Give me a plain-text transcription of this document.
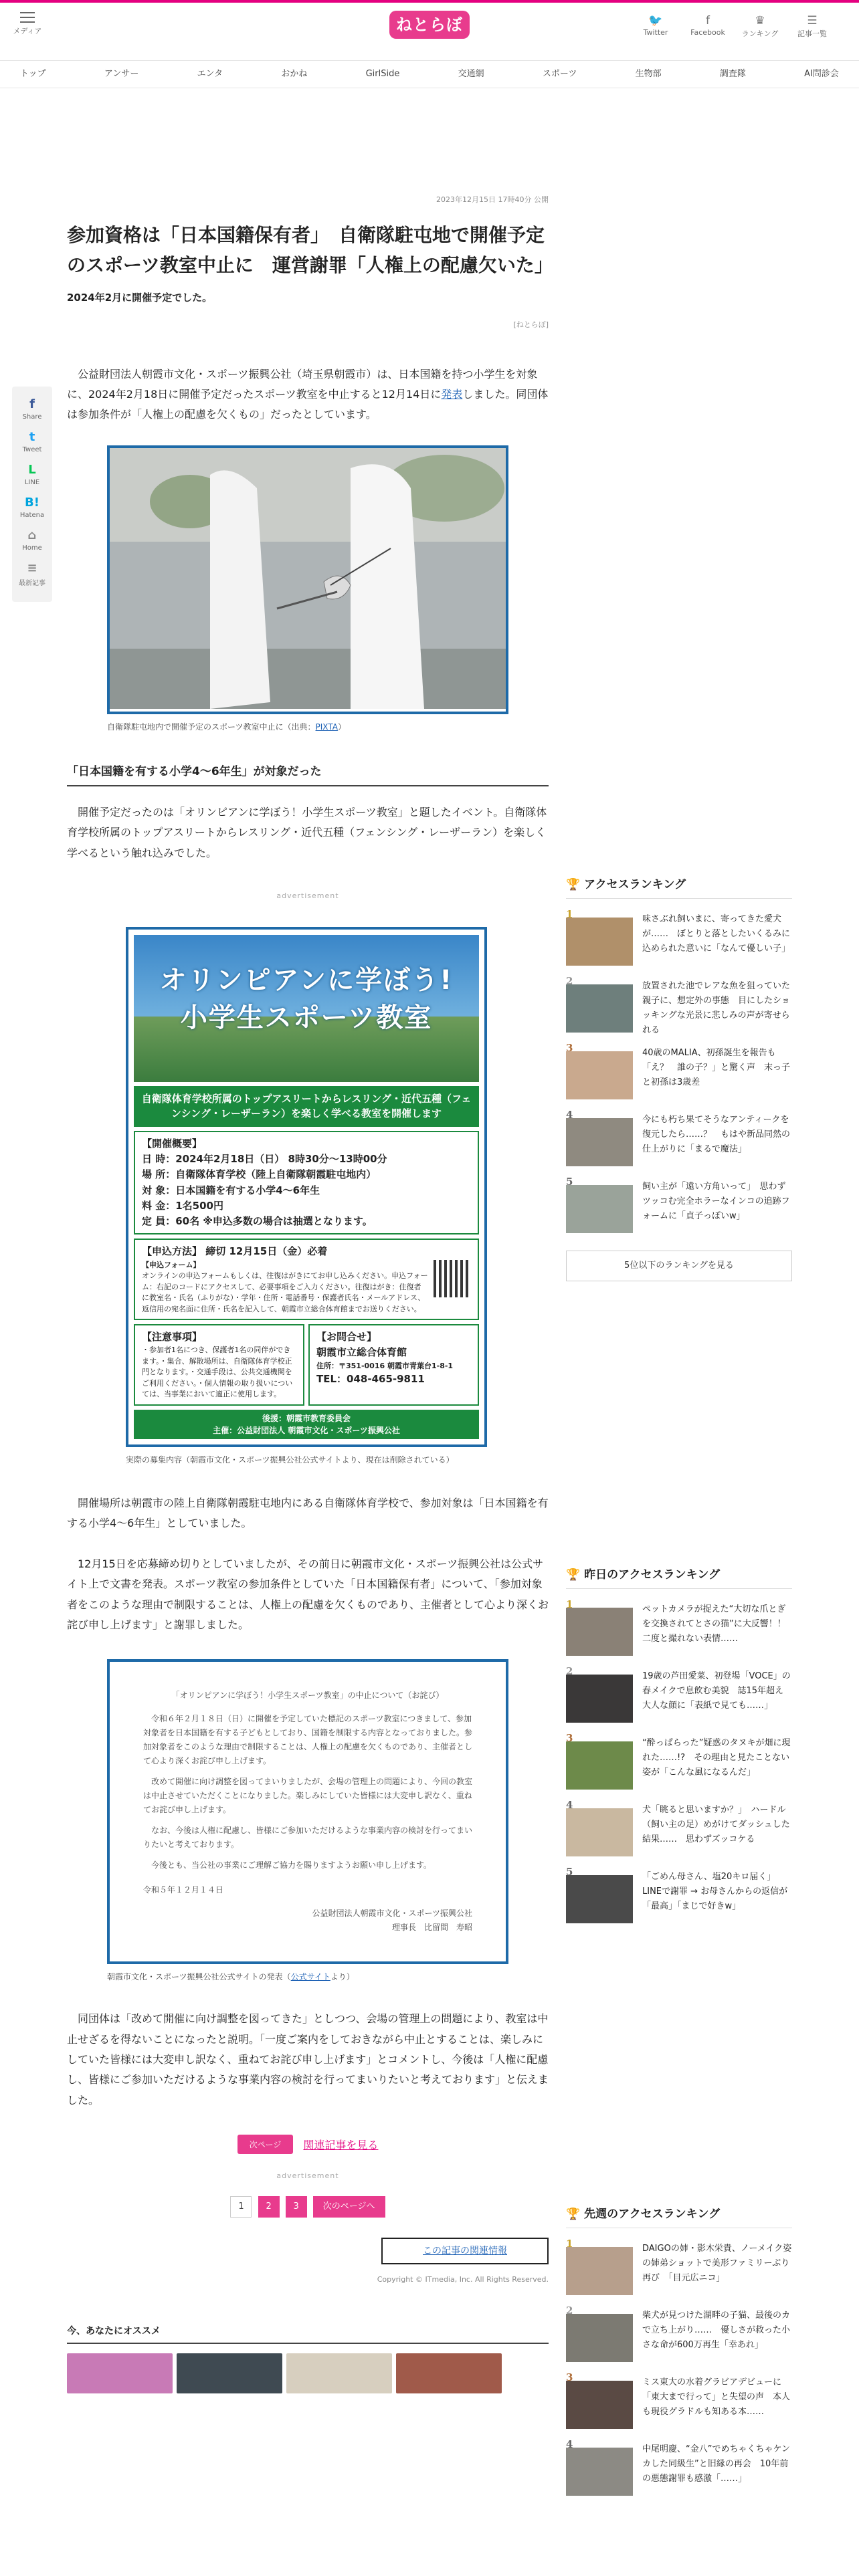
メディア	ねとらぼ	🐦
Twitter
f
Facebook
♛
ランキング
☰
記事一覧
トップ	アンサー	エンタ	おかね	GirlSide	交通網	スポーツ	生物部	調査隊	AI問診会
f
Share
t
Tweet
L
LINE
B!
Hatena
⌂
Home
≡
最新記事
2023年12月15日 17時40分 公開
参加資格は「日本国籍保有者」　自衛隊駐屯地で開催予定のスポーツ教室中止に　運営謝罪「人権上の配慮欠いた」
2024年2月に開催予定でした。
[ねとらぼ]

公益財団法人朝霞市文化・スポーツ振興公社（埼玉県朝霞市）は、日本国籍を持つ小学生を対象に、2024年2月18日に開催予定だったスポーツ教室を中止すると12月14日に発表しました。同団体は参加条件が「人権上の配慮を欠くもの」だったとしています。

自衛隊駐屯地内で開催予定のスポーツ教室中止に（出典：PIXTA）
「日本国籍を有する小学4〜6年生」が対象だった

開催予定だったのは「オリンピアンに学ぼう！小学生スポーツ教室」と題したイベント。自衛隊体育学校所属のトップアスリートからレスリング・近代五種（フェンシング・レーザーラン）を楽しく学べるという触れ込みでした。

advertisement
オリンピアンに学ぼう!
小学生スポーツ教室
自衛隊体育学校所属のトップアスリートからレスリング・近代五種（フェンシング・レーザーラン）を楽しく学べる教室を開催します
【開催概要】
日 時：2024年2月18日（日） 8時30分〜13時00分
場 所：自衛隊体育学校（陸上自衛隊朝霞駐屯地内）
対 象：日本国籍を有する小学4〜6年生
料 金：1名500円
定 員：60名 ※申込多数の場合は抽選となります。
【申込方法】 締切 12月15日（金）必着
【申込フォーム】
オンラインの申込フォームもしくは、往復はがきにてお申し込みください。申込フォーム：右記のコードにアクセスして、必要事項をご入力ください。往復はがき：住復者に教室名・氏名（ふりがな）・学年・住所・電話番号・保護者氏名・メールアドレス、返信用の宛名面に住所・氏名を記入して、朝霞市立総合体育館までお送りください。
【注意事項】
・参加者1名につき、保護者1名の同伴ができます。・集合、解散場所は、自衛隊体育学校正門となります。・交通手段は、公共交通機関をご利用ください。・個人情報の取り扱いについては、当事業において適正に使用します。
【お問合せ】
朝霞市立総合体育館
住所：〒351-0016 朝霞市青葉台1-8-1
TEL：048-465-9811
後援：朝霞市教育委員会
主催：公益財団法人 朝霞市文化・スポーツ振興公社
実際の募集内容（朝霞市文化・スポーツ振興公社公式サイトより、現在は削除されている）

開催場所は朝霞市の陸上自衛隊朝霞駐屯地内にある自衛隊体育学校で、参加対象は「日本国籍を有する小学4〜6年生」としていました。

12月15日を応募締め切りとしていましたが、その前日に朝霞市文化・スポーツ振興公社は公式サイト上で文書を発表。スポーツ教室の参加条件としていた「日本国籍保有者」について、「参加対象者をこのような理由で制限することは、人権上の配慮を欠くものであり、主催者として心より深くお詫び申し上げます」と謝罪しました。

「オリンピアンに学ぼう！小学生スポーツ教室」の中止について（お詫び）

令和６年２月１８日（日）に開催を予定していた標記のスポーツ教室につきまして、参加対象者を日本国籍を有する子どもとしており、国籍を制限する内容となっておりました。参加対象者をこのような理由で制限することは、人権上の配慮を欠くものであり、主催者として心より深くお詫び申し上げます。

改めて開催に向け調整を図ってまいりましたが、会場の管理上の問題により、今回の教室は中止させていただくことになりました。楽しみにしていた皆様には大変申し訳なく、重ねてお詫び申し上げます。

なお、今後は人権に配慮し、皆様にご参加いただけるような事業内容の検討を行ってまいりたいと考えております。

今後とも、当公社の事業にご理解ご協力を賜りますようお願い申し上げます。

令和５年１２月１４日
公益財団法人朝霞市文化・スポーツ振興公社
理事長　比留間　寿昭
朝霞市文化・スポーツ振興公社公式サイトの発表（公式サイトより）

同団体は「改めて開催に向け調整を図ってきた」としつつ、会場の管理上の問題により、教室は中止せざるを得ないことになったと説明。「一度ご案内をしておきながら中止とすることは、楽しみにしていた皆様には大変申し訳なく、重ねてお詫び申し上げます」とコメントし、今後は「人権に配慮し、皆様にご参加いただけるような事業内容の検討を行ってまいりたいと考えております」と伝えました。

次ページ 関連記事を見る
advertisement
1	2	3	次のページへ
この記事の関連情報
Copyright © ITmedia, Inc. All Rights Reserved.
今、あなたにオススメ
🏆 アクセスランキング
1	味さぶれ飼いまに、寄ってきた愛犬が……　ぼとりと落としたいくるみに込められた意いに「なんて優しい子」
2	放置された池でレアな魚を狙っていた親子に、想定外の事態　目にしたショッキングな光景に悲しみの声が寄せられる
3	40歳のMALIA、初孫誕生を報告も「え？　誰の子？」と驚く声　末っ子と初孫は3歳差
4	今にも朽ち果てそうなアンティークを復元したら……？　もはや新品同然の仕上がりに「まるで魔法」
5	飼い主が「遠い方角いって」　思わずツッコむ完全ホラーなインコの追跡フォームに「貞子っぽいw」
5位以下のランキングを見る
🏆 昨日のアクセスランキング
1	ペットカメラが捉えた“大切な爪とぎを交換されてとさの猫”に大反響！！　二度と撮れない表情……
2	19歳の芦田愛菜、初登場「VOCE」の春メイクで息飲む美貌　誌15年超え大人な顔に「表紙で見ても……」
3	“酔っぱらった”疑惑のタヌキが畑に現れた……!?　その理由と見たことない姿が「こんな風になるんだ」
4	犬「眺ると思いますか？」　ハードル（飼い主の足）めがけてダッシュした結果……　思わずズッコケる
5	「ごめん母さん、塩20キロ届く」LINEで謝罪 → お母さんからの返信が「最高」「まじで好きw」
🏆 先週のアクセスランキング
1	DAIGOの姉・影木栄貴、ノーメイク姿の姉弟ショットで美形ファミリーぶり再び　「目元広ニコ」
2	柴犬が見つけた湖畔の子猫、最後のカで立ち上がり……　優しさが救った小さな命が600万再生「幸あれ」
3	ミス東大の水着グラビアデビューに「東大まで行って」と失望の声　本人も現役グラドルも知ある本……
4	中尾明慶、“金八”でめちゃくちゃケンカした同級生”と旧縁の再会　10年前の悪態謝罪も感激「……」
